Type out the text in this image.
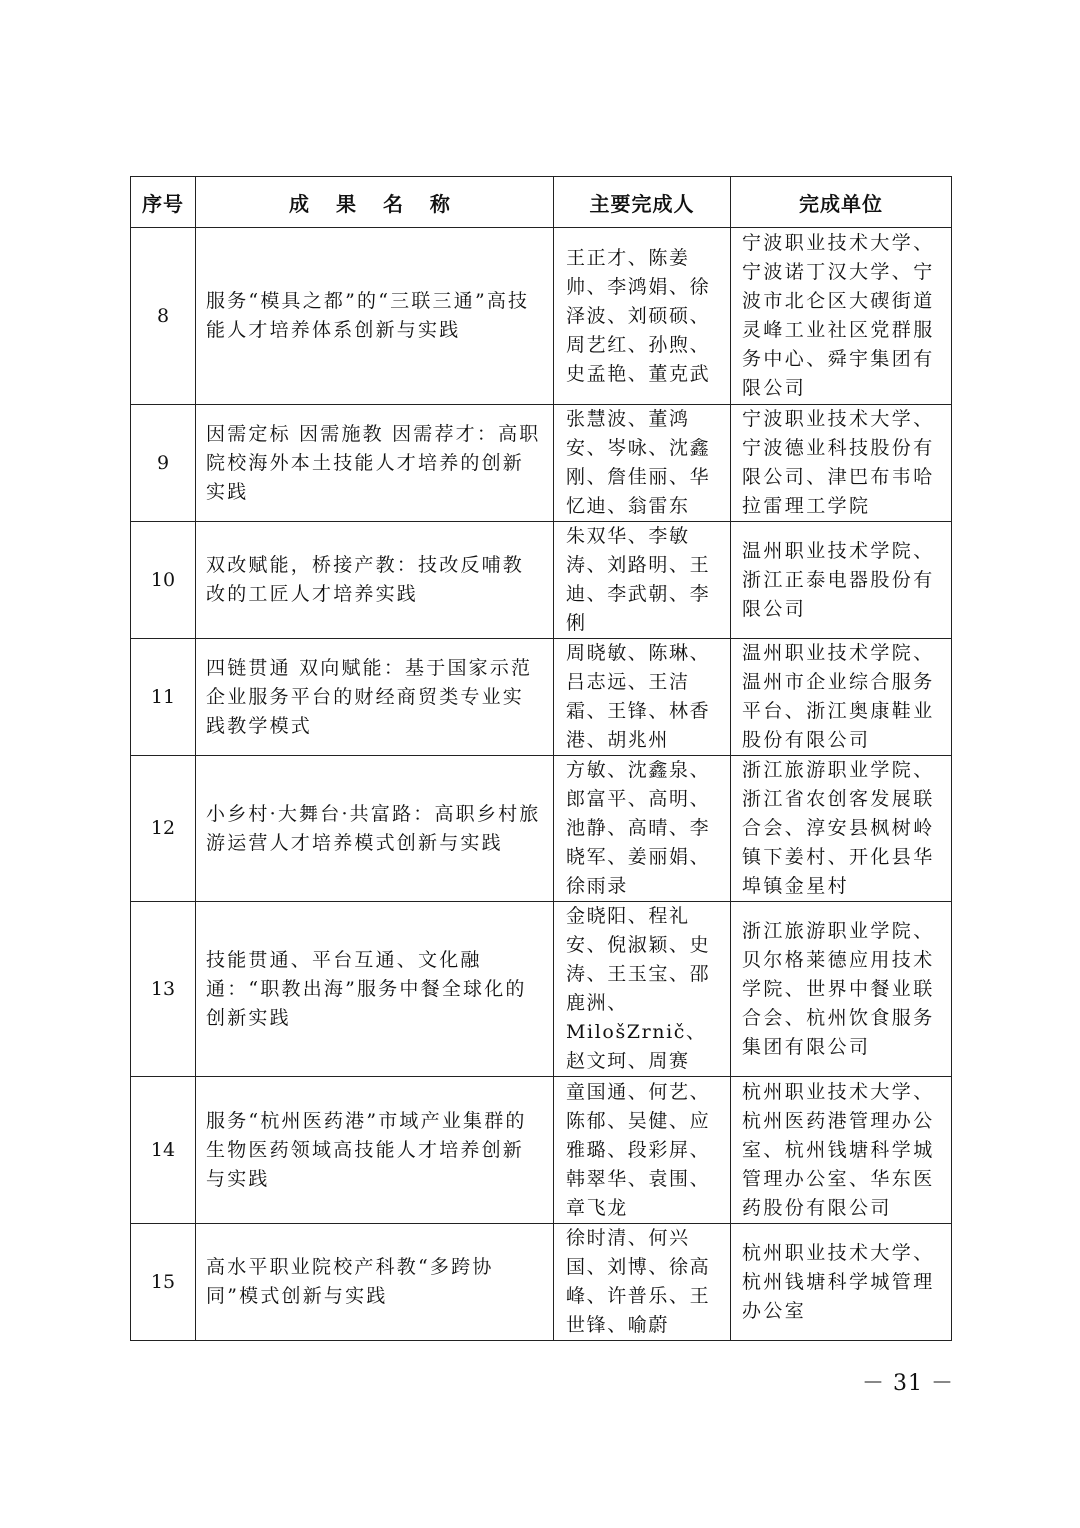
序号	成 果 名 称	主要完成人	完成单位
8	服务“模具之都”的“三联三通”高技能人才培养体系创新与实践	王正才、陈姜帅、李鸿娟、徐泽波、刘硕硕、周艺红、孙煦、史孟艳、董克武	宁波职业技术大学、宁波诺丁汉大学、宁波市北仑区大碶街道灵峰工业社区党群服务中心、舜宇集团有限公司
9	因需定标 因需施教 因需荐才：高职院校海外本土技能人才培养的创新实践	张慧波、董鸿安、岑咏、沈鑫刚、詹佳丽、华忆迪、翁雷东	宁波职业技术大学、宁波德业科技股份有限公司、津巴布韦哈拉雷理工学院
10	双改赋能，桥接产教：技改反哺教改的工匠人才培养实践	朱双华、李敏涛、刘路明、王迪、李武朝、李俐	温州职业技术学院、浙江正泰电器股份有限公司
11	四链贯通 双向赋能：基于国家示范企业服务平台的财经商贸类专业实践教学模式	周晓敏、陈琳、吕志远、王洁霜、王锋、林香港、胡兆州	温州职业技术学院、温州市企业综合服务平台、浙江奥康鞋业股份有限公司
12	小乡村·大舞台·共富路：高职乡村旅游运营人才培养模式创新与实践	方敏、沈鑫泉、郎富平、高明、池静、高晴、李晓军、姜丽娟、徐雨录	浙江旅游职业学院、浙江省农创客发展联合会、淳安县枫树岭镇下姜村、开化县华埠镇金星村
13	技能贯通、平台互通、文化融通：“职教出海”服务中餐全球化的创新实践	金晓阳、程礼安、倪淑颖、史涛、王玉宝、邵鹿洲、MilošZrnič、赵文珂、周赛	浙江旅游职业学院、贝尔格莱德应用技术学院、世界中餐业联合会、杭州饮食服务集团有限公司
14	服务“杭州医药港”市域产业集群的生物医药领域高技能人才培养创新与实践	童国通、何艺、陈郁、吴健、应雅璐、段彩屏、韩翠华、袁围、章飞龙	杭州职业技术大学、杭州医药港管理办公室、杭州钱塘科学城管理办公室、华东医药股份有限公司
15	高水平职业院校产科教“多跨协同”模式创新与实践	徐时清、何兴国、刘博、徐高峰、许普乐、王世锋、喻蔚	杭州职业技术大学、杭州钱塘科学城管理办公室
－ 31 －
